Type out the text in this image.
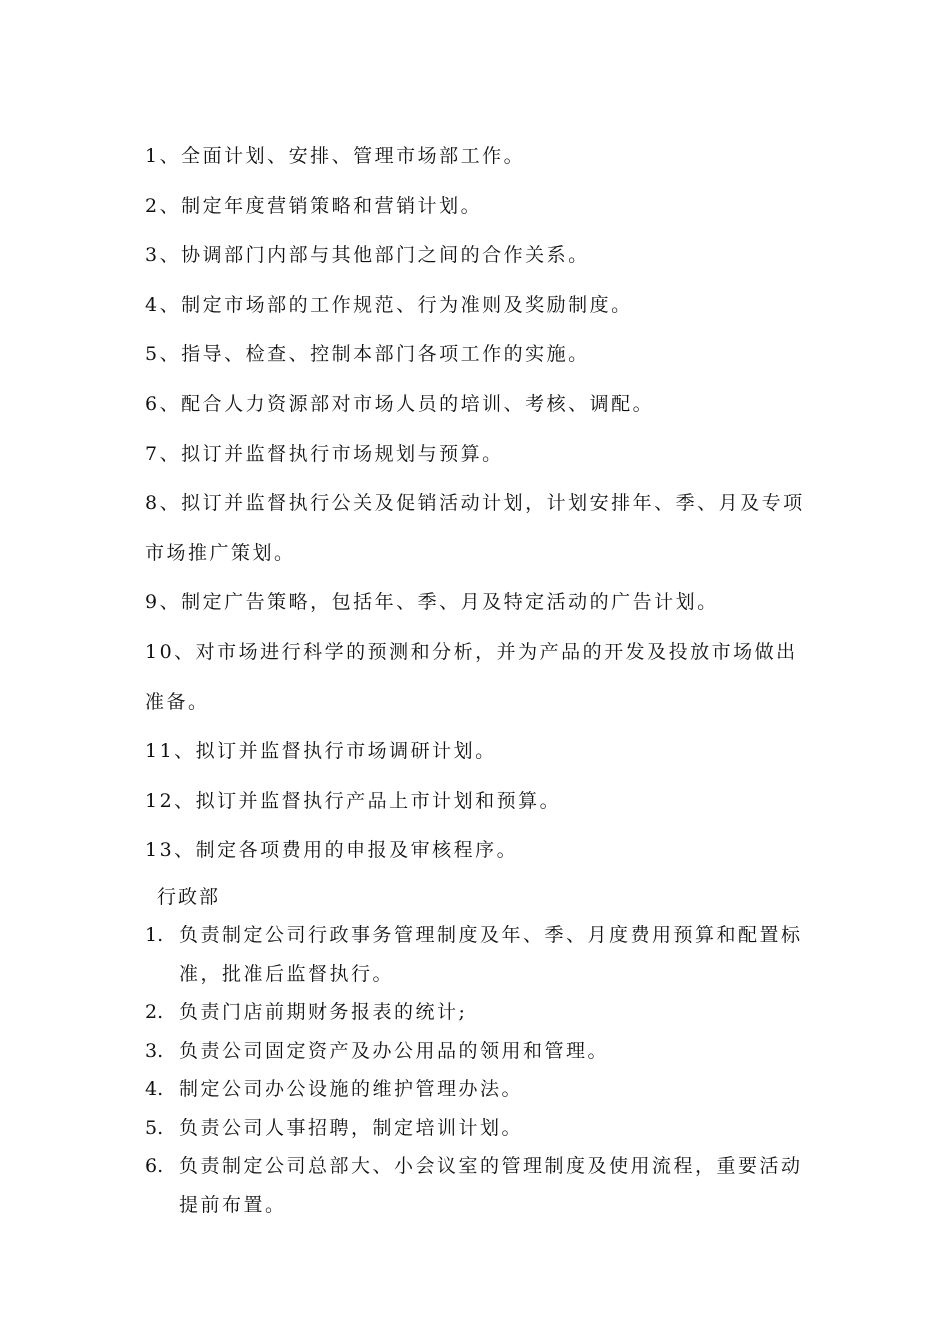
1、全面计划、安排、管理市场部工作。

2、制定年度营销策略和营销计划。

3、协调部门内部与其他部门之间的合作关系。

4、制定市场部的工作规范、行为准则及奖励制度。

5、指导、检查、控制本部门各项工作的实施。

6、配合人力资源部对市场人员的培训、考核、调配。

7、拟订并监督执行市场规划与预算。

8、拟订并监督执行公关及促销活动计划，计划安排年、季、月及专项市场推广策划。

9、制定广告策略，包括年、季、月及特定活动的广告计划。

10、对市场进行科学的预测和分析，并为产品的开发及投放市场做出准备。

11、拟订并监督执行市场调研计划。

12、拟订并监督执行产品上市计划和预算。

13、制定各项费用的申报及审核程序。

行政部
1. 负责制定公司行政事务管理制度及年、季、月度费用预算和配置标准，批准后监督执行。
2. 负责门店前期财务报表的统计;
3. 负责公司固定资产及办公用品的领用和管理。
4. 制定公司办公设施的维护管理办法。
5. 负责公司人事招聘，制定培训计划。
6. 负责制定公司总部大、小会议室的管理制度及使用流程，重要活动提前布置。
